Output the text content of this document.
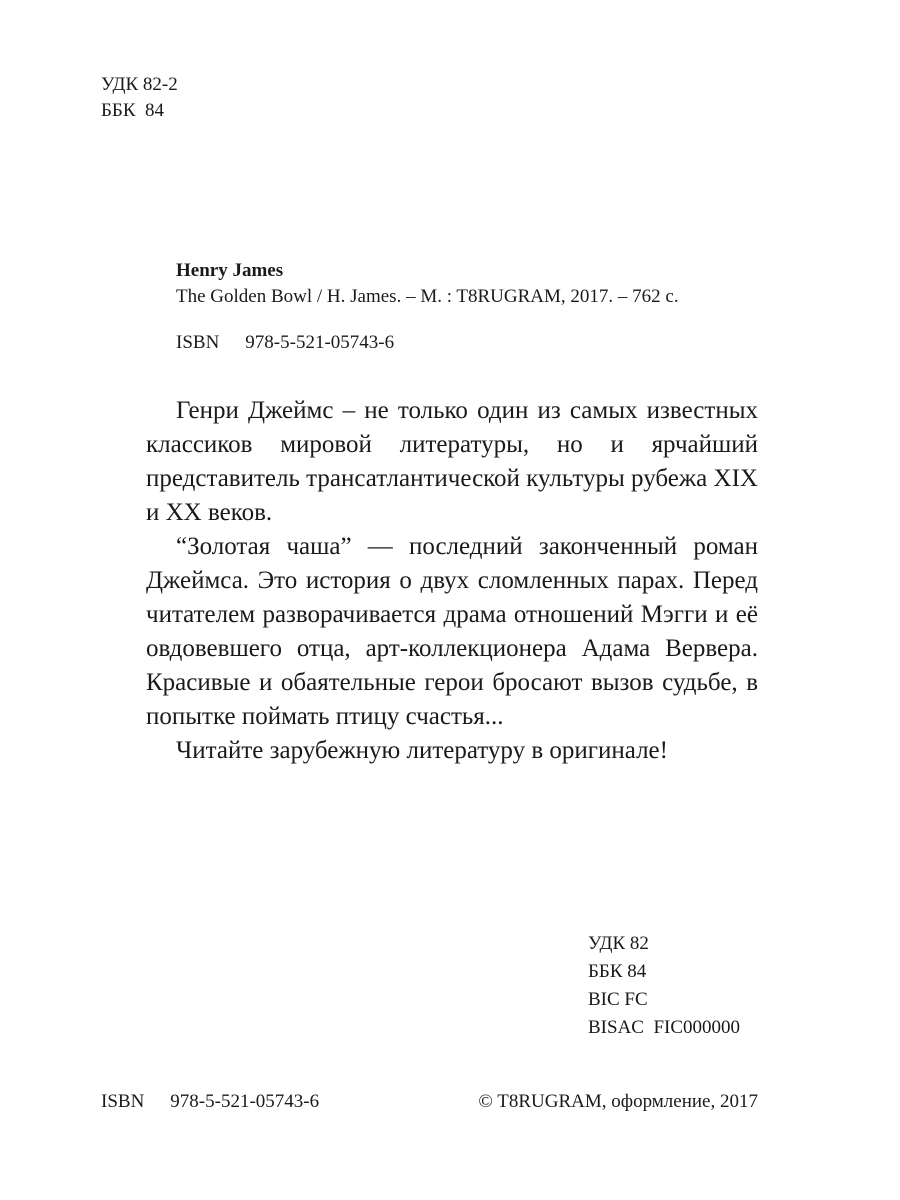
УДК 82-2
ББК  84
Henry James
The Golden Bowl / H. James. – M. : T8RUGRAM, 2017. – 762 с.
ISBN 978-5-521-05743-6

Генри Джеймс – не только один из самых известных классиков мировой литературы, но и ярчайший представитель трансатлантической культуры рубежа XIX и XX веков.

“Золотая чаша” — последний законченный роман Джеймса. Это история о двух сломленных парах. Перед читателем разворачивается драма отношений Мэгги и её овдовевшего отца, арт-коллекционера Адама Вервера. Красивые и обаятельные герои бросают вызов судьбе, в попытке поймать птицу счастья...

Читайте зарубежную литературу в оригинале!

УДК 82
ББК 84
BIC FC
BISAC  FIC000000
ISBN 978-5-521-05743-6	© T8RUGRAM, оформление, 2017
